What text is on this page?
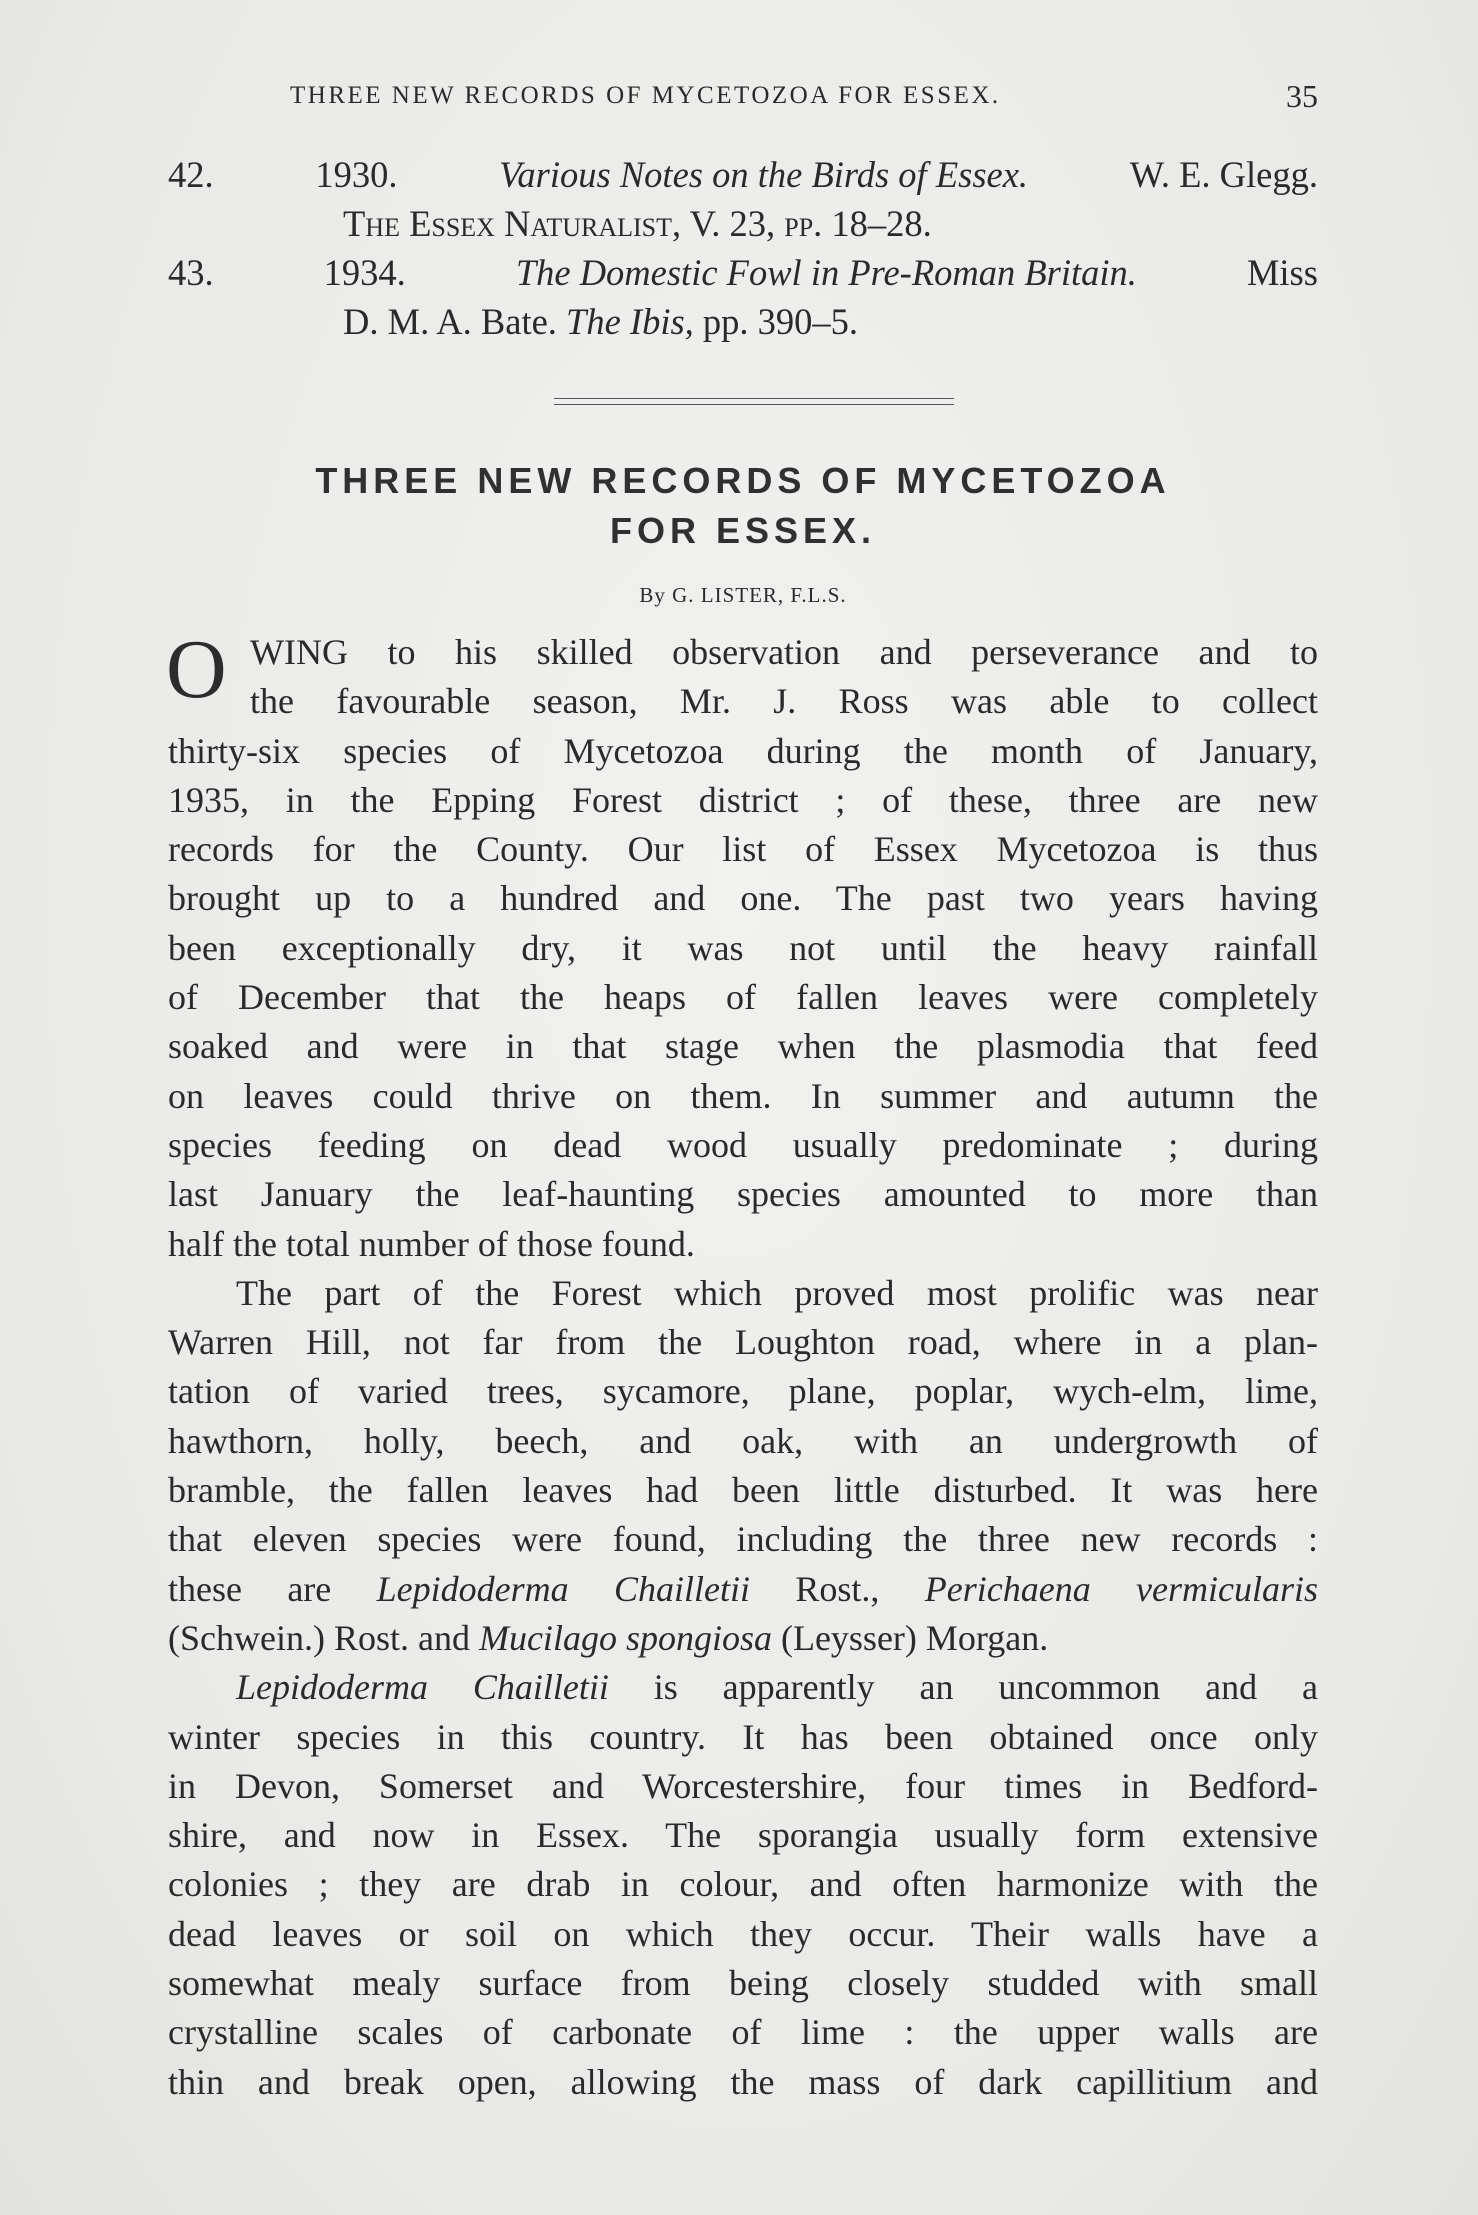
THREE NEW RECORDS OF MYCETOZOA FOR ESSEX.	35
42.	1930.	Various Notes on the Birds of Essex.	W. E. Glegg.
The Essex Naturalist, V. 23, pp. 18–28.
43.	1934.	The Domestic Fowl in Pre-Roman Britain.	Miss
D. M. A. Bate. The Ibis, pp. 390–5.
THREE NEW RECORDS OF MYCETOZOA
FOR ESSEX.
By G. LISTER, F.L.S.
O WING to his skilled observation and perseverance and to
the favourable season, Mr. J. Ross was able to collect
thirty-six species of Mycetozoa during the month of January,
1935, in the Epping Forest district ; of these, three are new
records for the County. Our list of Essex Mycetozoa is thus
brought up to a hundred and one. The past two years having
been exceptionally dry, it was not until the heavy rainfall
of December that the heaps of fallen leaves were completely
soaked and were in that stage when the plasmodia that feed
on leaves could thrive on them. In summer and autumn the
species feeding on dead wood usually predominate ; during
last January the leaf-haunting species amounted to more than
half the total number of those found.
The part of the Forest which proved most prolific was near
Warren Hill, not far from the Loughton road, where in a plan-
tation of varied trees, sycamore, plane, poplar, wych-elm, lime,
hawthorn, holly, beech, and oak, with an undergrowth of
bramble, the fallen leaves had been little disturbed. It was here
that eleven species were found, including the three new records :
these are Lepidoderma Chailletii Rost., Perichaena vermicularis
(Schwein.) Rost. and Mucilago spongiosa (Leysser) Morgan.
Lepidoderma Chailletii is apparently an uncommon and a
winter species in this country. It has been obtained once only
in Devon, Somerset and Worcestershire, four times in Bedford-
shire, and now in Essex. The sporangia usually form extensive
colonies ; they are drab in colour, and often harmonize with the
dead leaves or soil on which they occur. Their walls have a
somewhat mealy surface from being closely studded with small
crystalline scales of carbonate of lime : the upper walls are
thin and break open, allowing the mass of dark capillitium and
